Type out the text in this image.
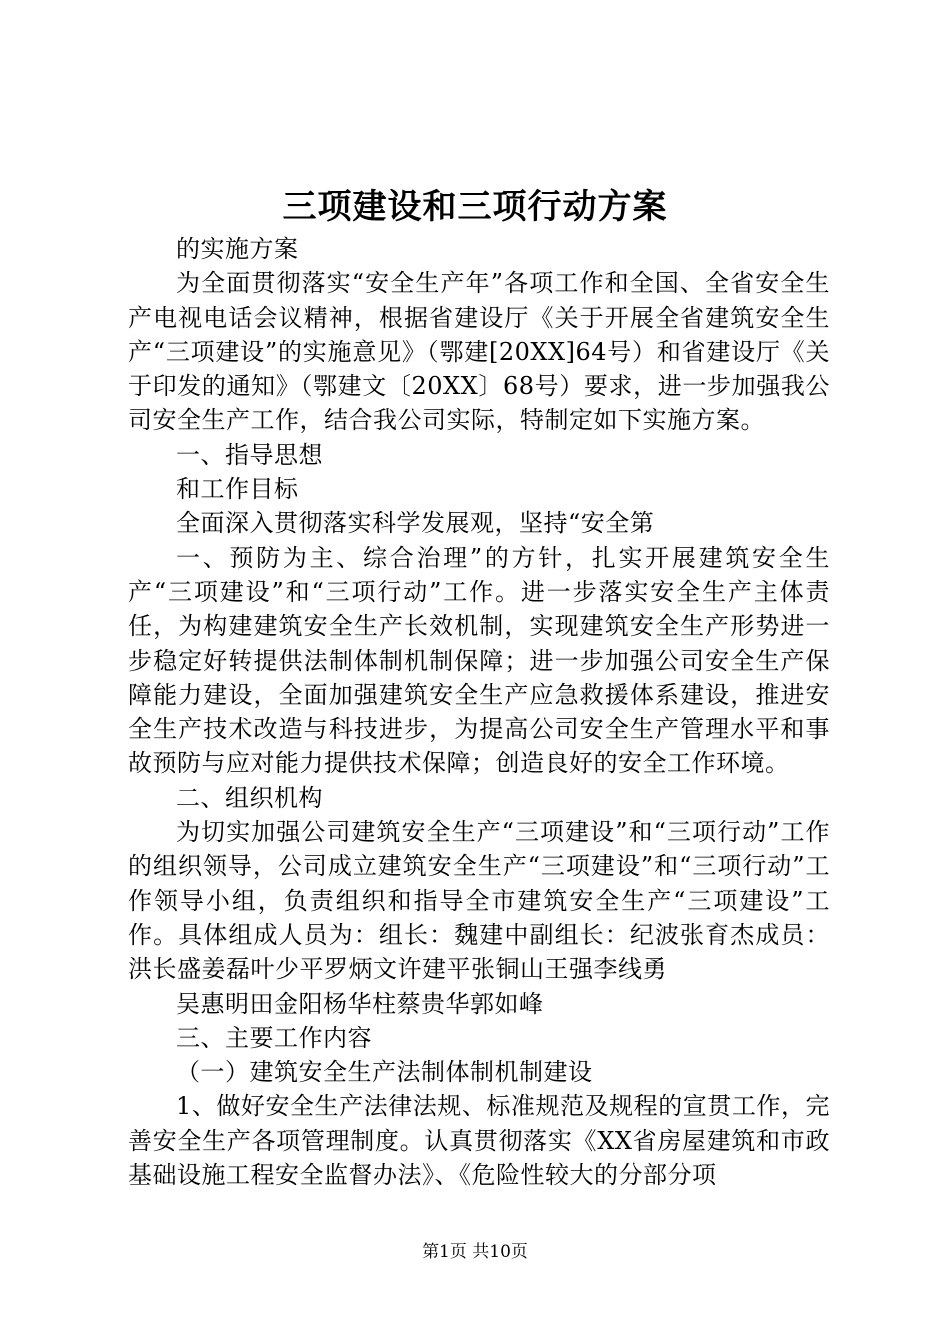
三项建设和三项行动方案

的实施方案

为全面贯彻落实“安全生产年”各项工作和全国、全省安全生产电视电话会议精神，根据省建设厅《关于开展全省建筑安全生产“三项建设”的实施意见》（鄂建[20XX]64号）和省建设厅《关于印发的通知》（鄂建文〔20XX〕68号）要求，进一步加强我公司安全生产工作，结合我公司实际，特制定如下实施方案。

一、指导思想

和工作目标

全面深入贯彻落实科学发展观，坚持“安全第

一、预防为主、综合治理”的方针，扎实开展建筑安全生产“三项建设”和“三项行动”工作。进一步落实安全生产主体责任，为构建建筑安全生产长效机制，实现建筑安全生产形势进一步稳定好转提供法制体制机制保障；进一步加强公司安全生产保障能力建设，全面加强建筑安全生产应急救援体系建设，推进安全生产技术改造与科技进步，为提高公司安全生产管理水平和事故预防与应对能力提供技术保障；创造良好的安全工作环境。

二、组织机构

为切实加强公司建筑安全生产“三项建设”和“三项行动”工作的组织领导，公司成立建筑安全生产“三项建设”和“三项行动”工作领导小组，负责组织和指导全市建筑安全生产“三项建设”工作。具体组成人员为：组长：魏建中副组长：纪波张育杰成员：洪长盛姜磊叶少平罗炳文许建平张铜山王强李线勇

吴惠明田金阳杨华柱蔡贵华郭如峰

三、主要工作内容

（一）建筑安全生产法制体制机制建设

1、做好安全生产法律法规、标准规范及规程的宣贯工作，完善安全生产各项管理制度。认真贯彻落实《XX省房屋建筑和市政基础设施工程安全监督办法》、《危险性较大的分部分项

第1页 共10页
